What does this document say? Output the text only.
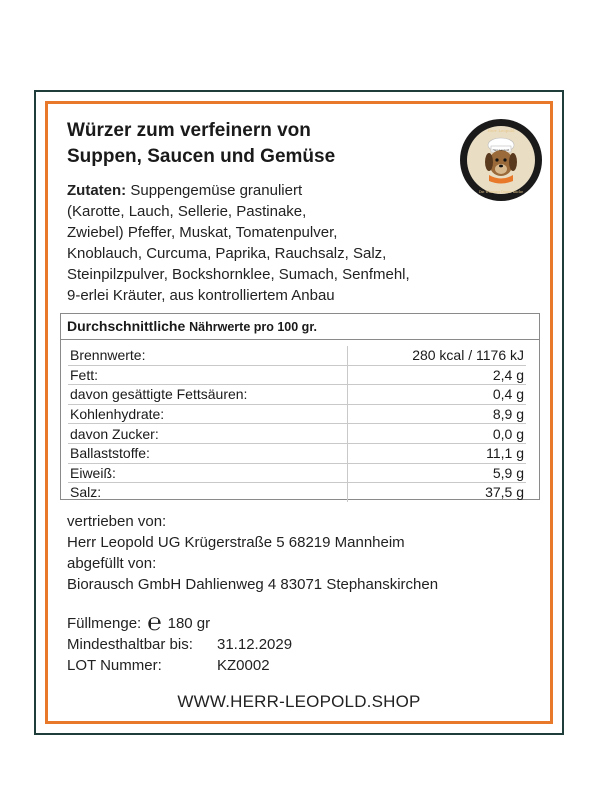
Würzer zum verfeinern von
Suppen, Saucen und Gemüse
Herr Leopold
Herr Leopold
Die Würzung Deiner Küche
Zutaten: Suppengemüse granuliert
(Karotte, Lauch, Sellerie, Pastinake,
Zwiebel) Pfeffer, Muskat, Tomatenpulver,
Knoblauch, Curcuma, Paprika, Rauchsalz, Salz,
Steinpilzpulver, Bockshornklee, Sumach, Senfmehl,
9-erlei Kräuter, aus kontrolliertem Anbau
Durchschnittliche Nährwerte pro 100 gr.
Brennwerte:	280 kcal / 1176 kJ
Fett:	2,4 g
davon gesättigte Fettsäuren:	0,4 g
Kohlenhydrate:	8,9 g
davon Zucker:	0,0 g
Ballaststoffe:	11,1 g
Eiweiß:	5,9 g
Salz:	37,5 g
vertrieben von:
Herr Leopold UG Krügerstraße 5 68219 Mannheim
abgefüllt von:
Biorausch GmbH Dahlienweg 4 83071 Stephanskirchen
Füllmenge: ℮ 180 gr
Mindesthaltbar bis:	31.12.2029
LOT Nummer:	KZ0002
WWW.HERR-LEOPOLD.SHOP
